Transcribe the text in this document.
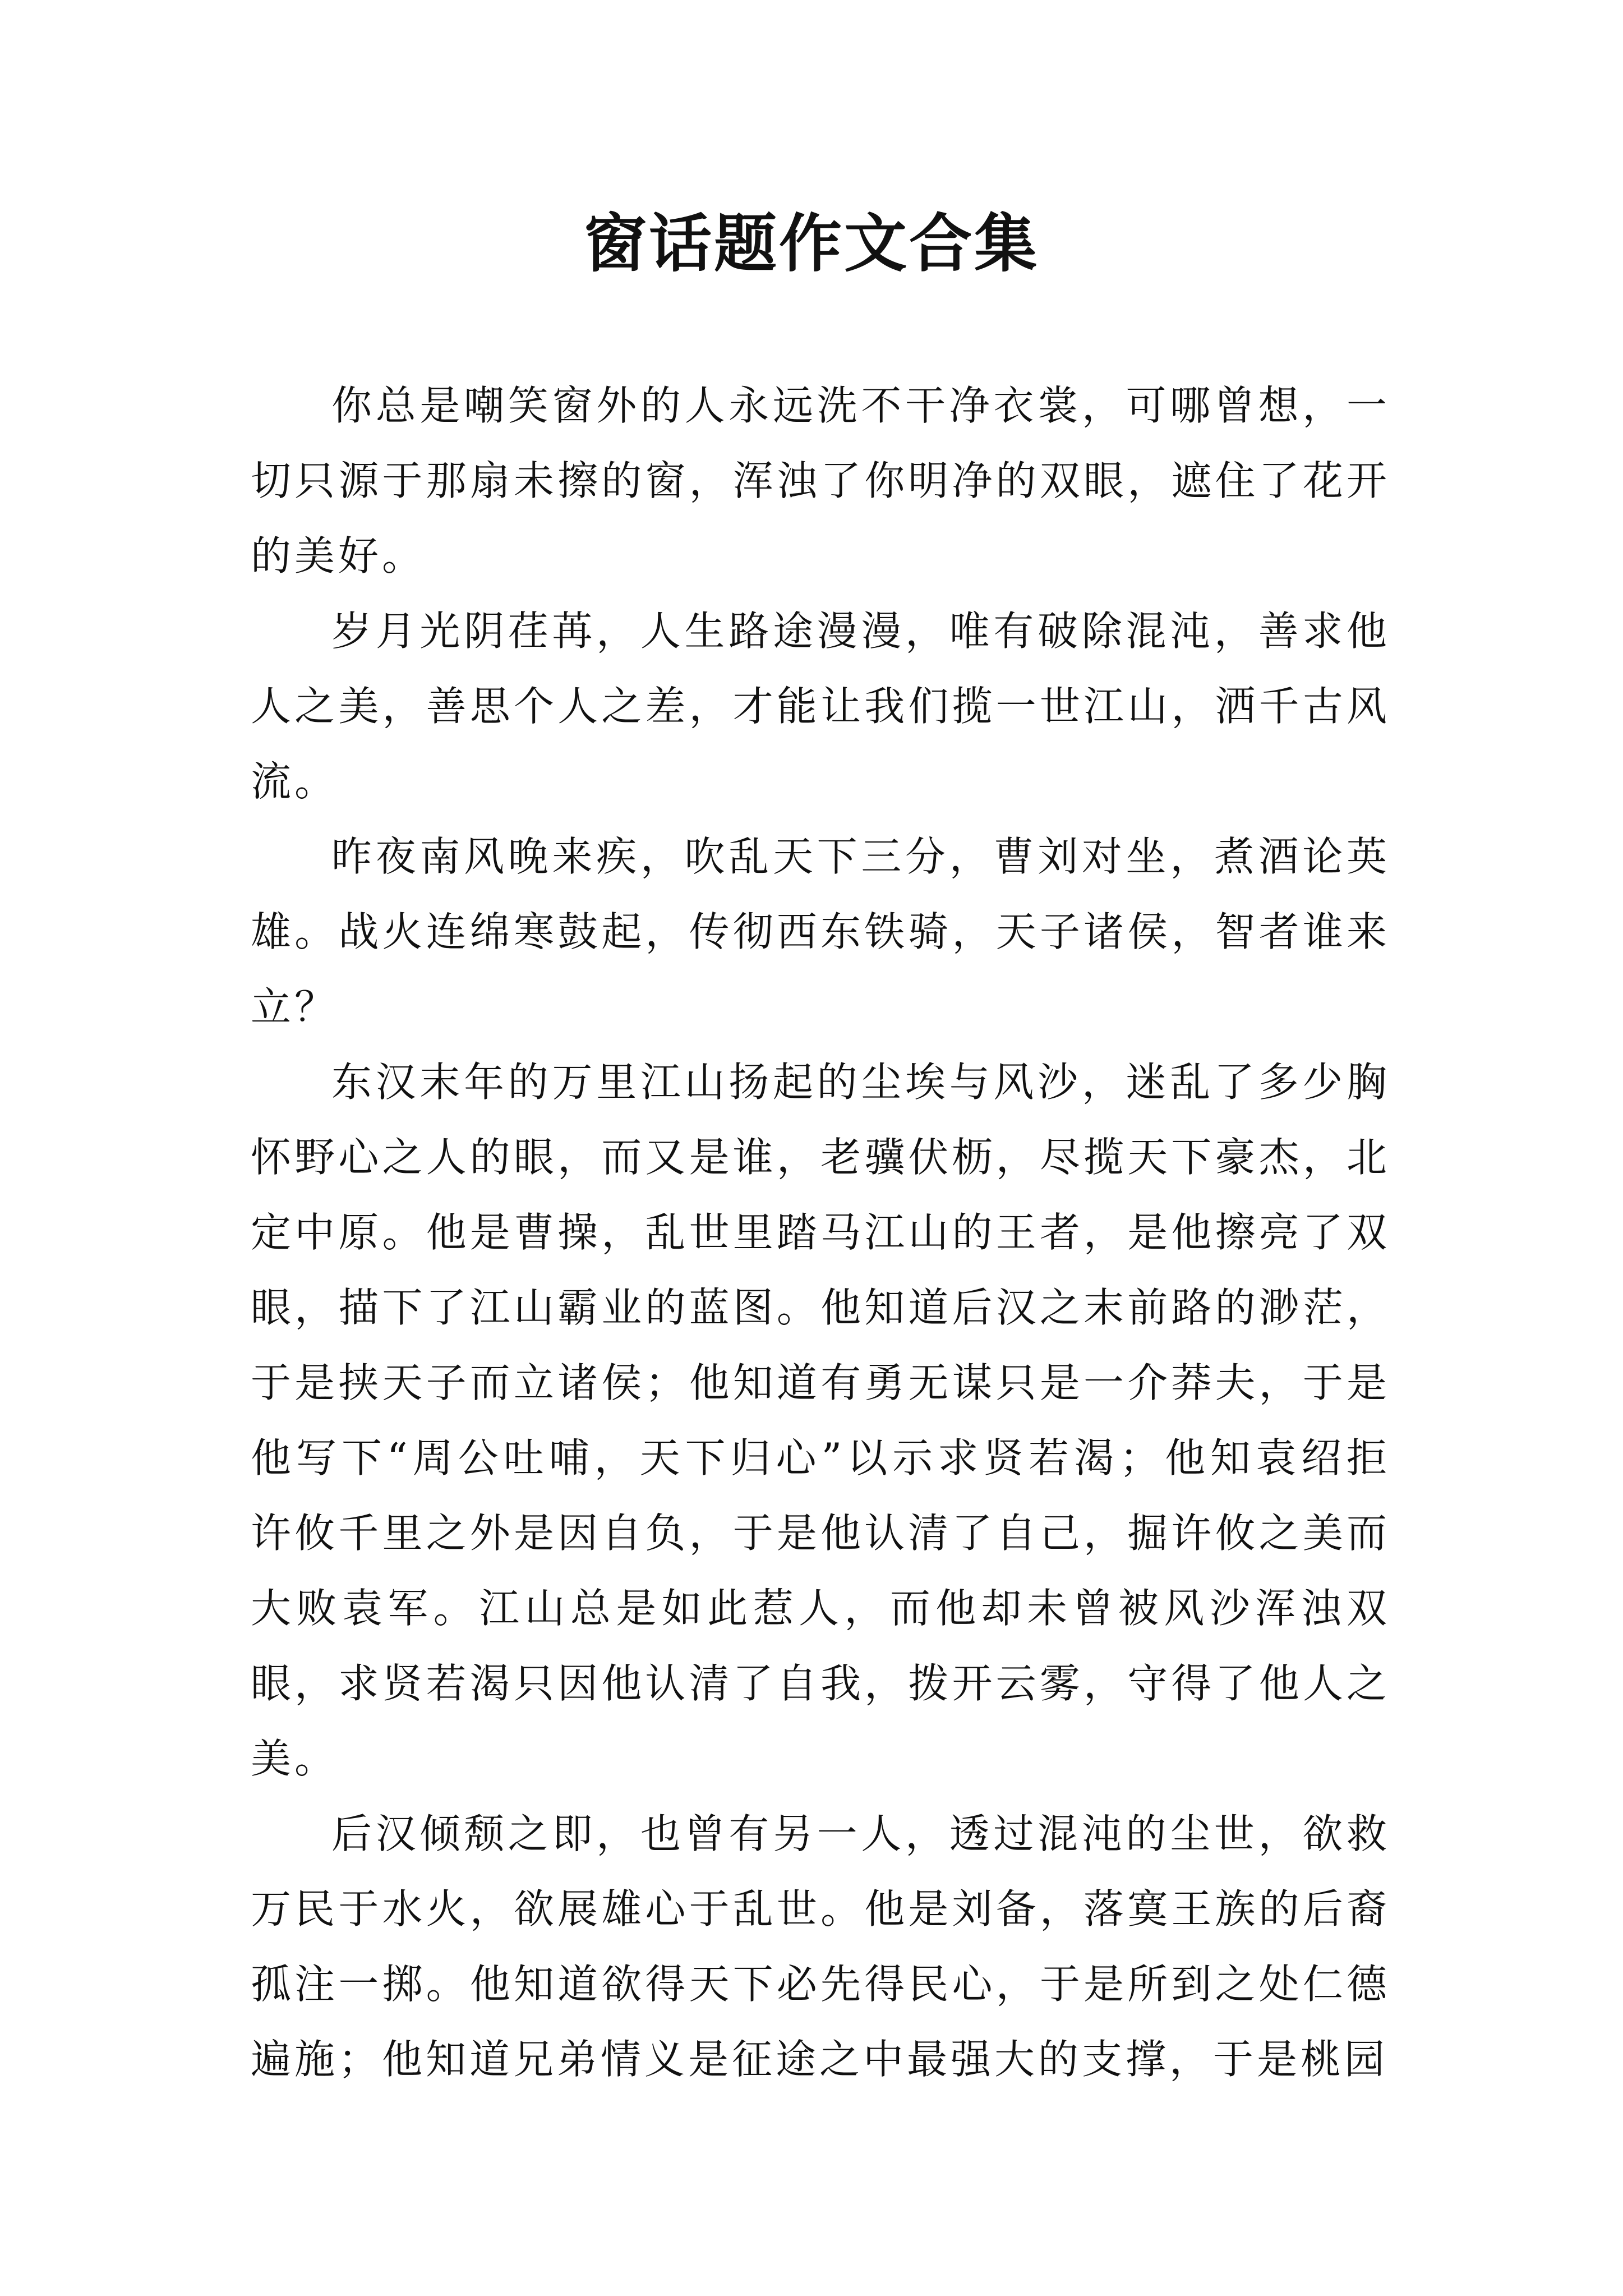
窗话题作文合集

你总是嘲笑窗外的人永远洗不干净衣裳，可哪曾想，一切只源于那扇未擦的窗，浑浊了你明净的双眼，遮住了花开的美好。

岁月光阴荏苒，人生路途漫漫，唯有破除混沌，善求他人之美，善思个人之差，才能让我们揽一世江山，洒千古风流。

昨夜南风晚来疾，吹乱天下三分，曹刘对坐，煮酒论英雄。战火连绵寒鼓起，传彻西东铁骑，天子诸侯，智者谁来立？

东汉末年的万里江山扬起的尘埃与风沙，迷乱了多少胸怀野心之人的眼，而又是谁，老骥伏枥，尽揽天下豪杰，北定中原。他是曹操，乱世里踏马江山的王者，是他擦亮了双眼，描下了江山霸业的蓝图。他知道后汉之末前路的渺茫，于是挟天子而立诸侯；他知道有勇无谋只是一介莽夫，于是他写下“周公吐哺，天下归心”以示求贤若渴；他知袁绍拒许攸千里之外是因自负，于是他认清了自己，掘许攸之美而大败袁军。江山总是如此惹人，而他却未曾被风沙浑浊双眼，求贤若渴只因他认清了自我，拨开云雾，守得了他人之美。

后汉倾颓之即，也曾有另一人，透过混沌的尘世，欲救万民于水火，欲展雄心于乱世。他是刘备，落寞王族的后裔孤注一掷。他知道欲得天下必先得民心，于是所到之处仁德遍施；他知道兄弟情义是征途之中最强大的支撑，于是桃园
